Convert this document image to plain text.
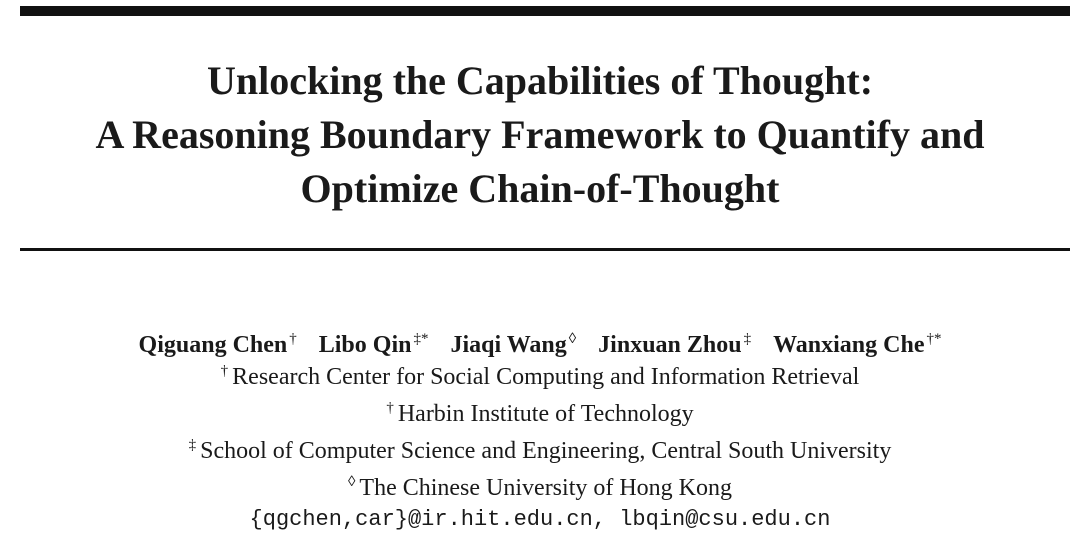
Unlocking the Capabilities of Thought:
A Reasoning Boundary Framework to Quantify and
Optimize Chain-of-Thought
Qiguang Chen † Libo Qin ‡* Jiaqi Wang ◊ Jinxuan Zhou ‡ Wanxiang Che †*
† Research Center for Social Computing and Information Retrieval
† Harbin Institute of Technology
‡ School of Computer Science and Engineering, Central South University
◊ The Chinese University of Hong Kong
{qgchen,car}@ir.hit.edu.cn, lbqin@csu.edu.cn
